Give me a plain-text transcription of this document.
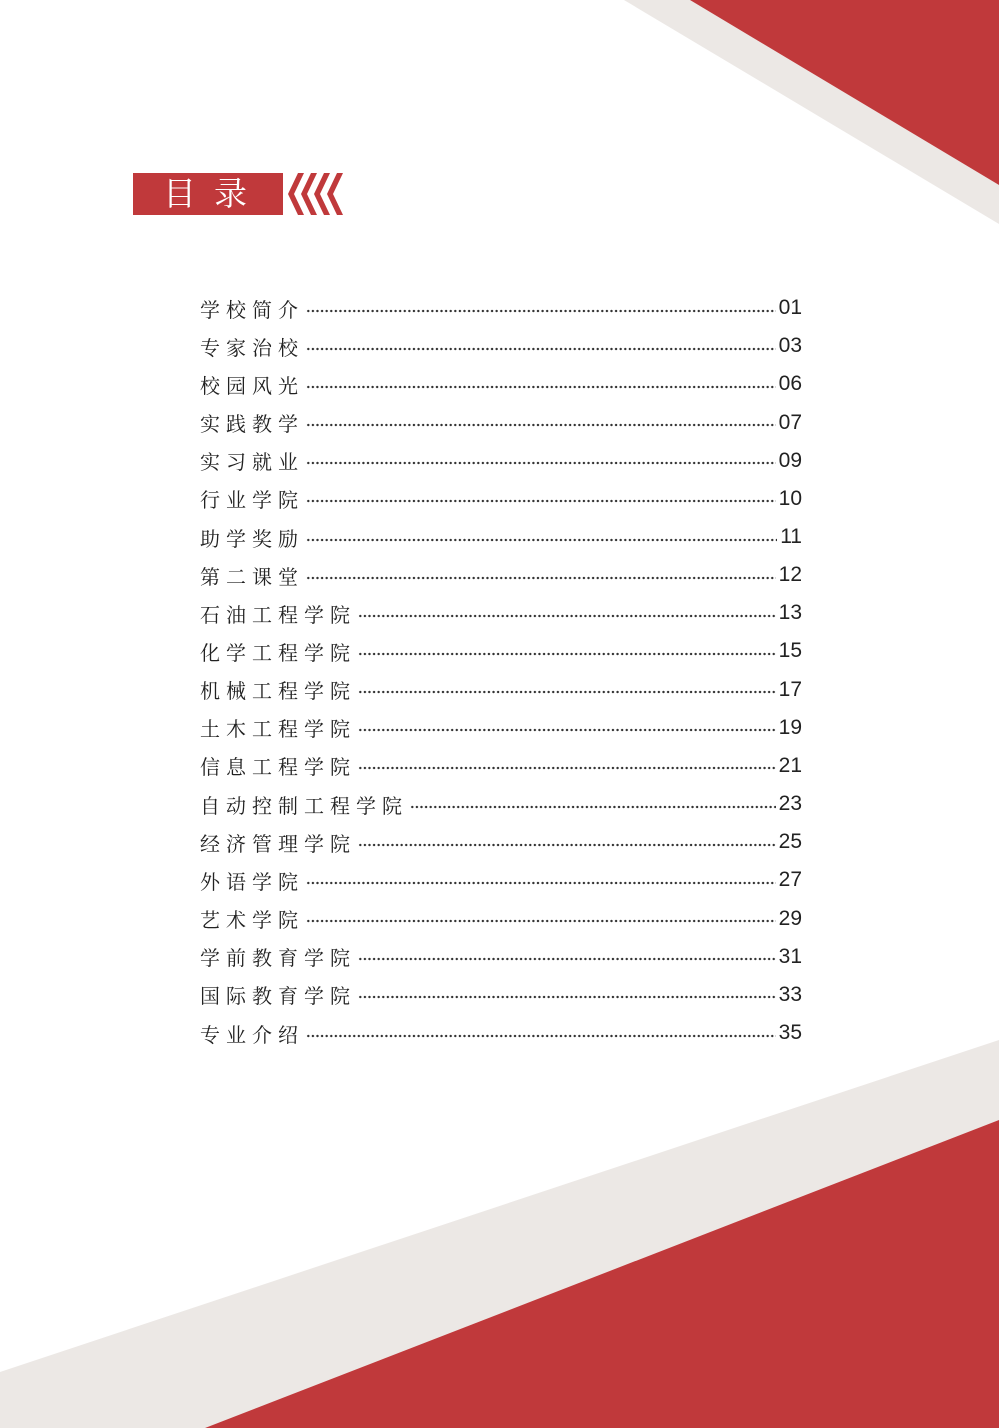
目录
学校简介	01
专家治校	03
校园风光	06
实践教学	07
实习就业	09
行业学院	10
助学奖励	11
第二课堂	12
石油工程学院	13
化学工程学院	15
机械工程学院	17
土木工程学院	19
信息工程学院	21
自动控制工程学院	23
经济管理学院	25
外语学院	27
艺术学院	29
学前教育学院	31
国际教育学院	33
专业介绍	35
